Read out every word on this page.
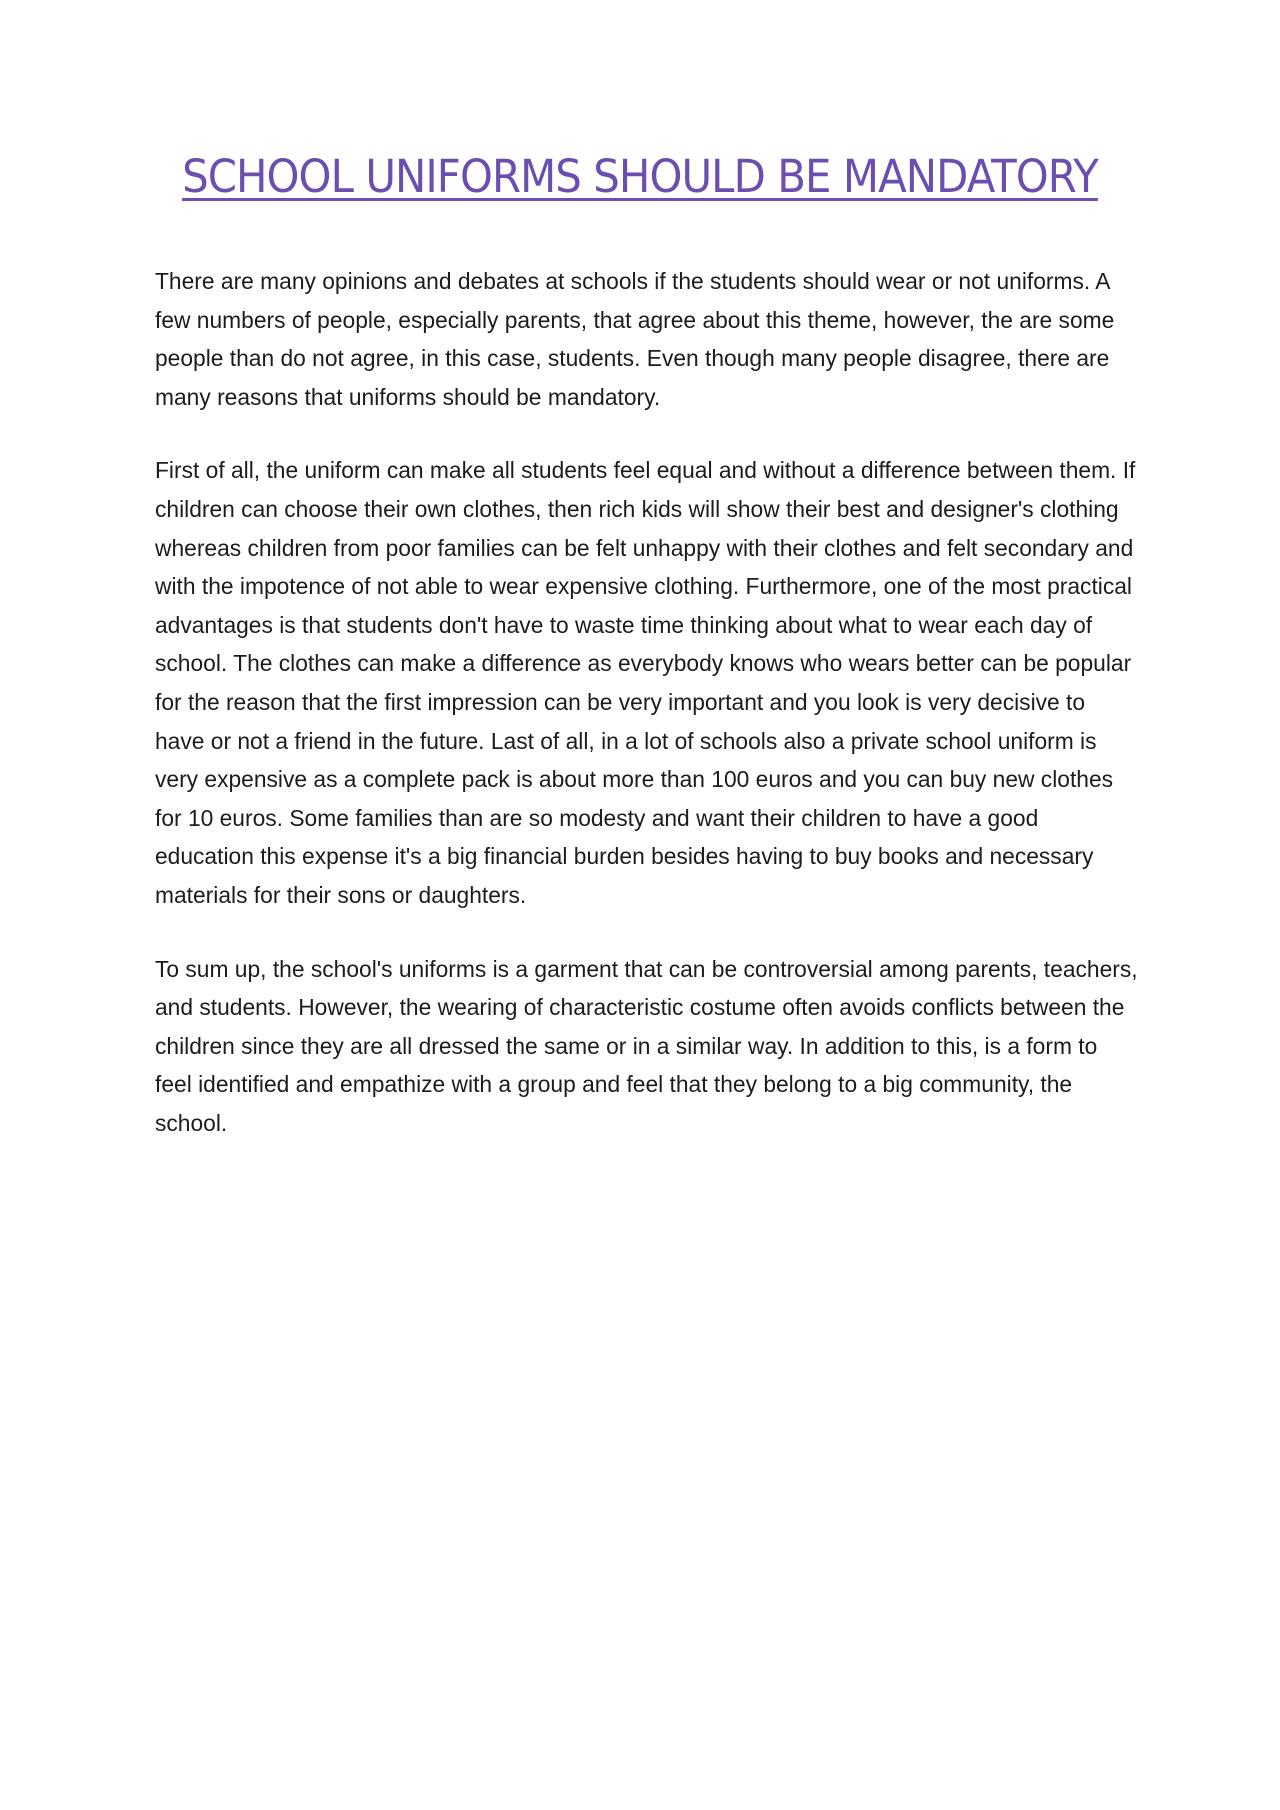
SCHOOL UNIFORMS SHOULD BE MANDATORY

There are many opinions and debates at schools if the students should wear or not uniforms. A few numbers of people, especially parents, that agree about this theme, however, the are some people than do not agree, in this case, students. Even though many people disagree, there are many reasons that uniforms should be mandatory.

First of all, the uniform can make all students feel equal and without a difference between them. If children can choose their own clothes, then rich kids will show their best and designer's clothing whereas children from poor families can be felt unhappy with their clothes and felt secondary and with the impotence of not able to wear expensive clothing. Furthermore, one of the most practical advantages is that students don't have to waste time thinking about what to wear each day of school. The clothes can make a difference as everybody knows who wears better can be popular for the reason that the first impression can be very important and you look is very decisive to have or not a friend in the future. Last of all, in a lot of schools also a private school uniform is very expensive as a complete pack is about more than 100 euros and you can buy new clothes for 10 euros. Some families than are so modesty and want their children to have a good education this expense it's a big financial burden besides having to buy books and necessary materials for their sons or daughters.

To sum up, the school's uniforms is a garment that can be controversial among parents, teachers, and students. However, the wearing of characteristic costume often avoids conflicts between the children since they are all dressed the same or in a similar way. In addition to this, is a form to feel identified and empathize with a group and feel that they belong to a big community, the school.
